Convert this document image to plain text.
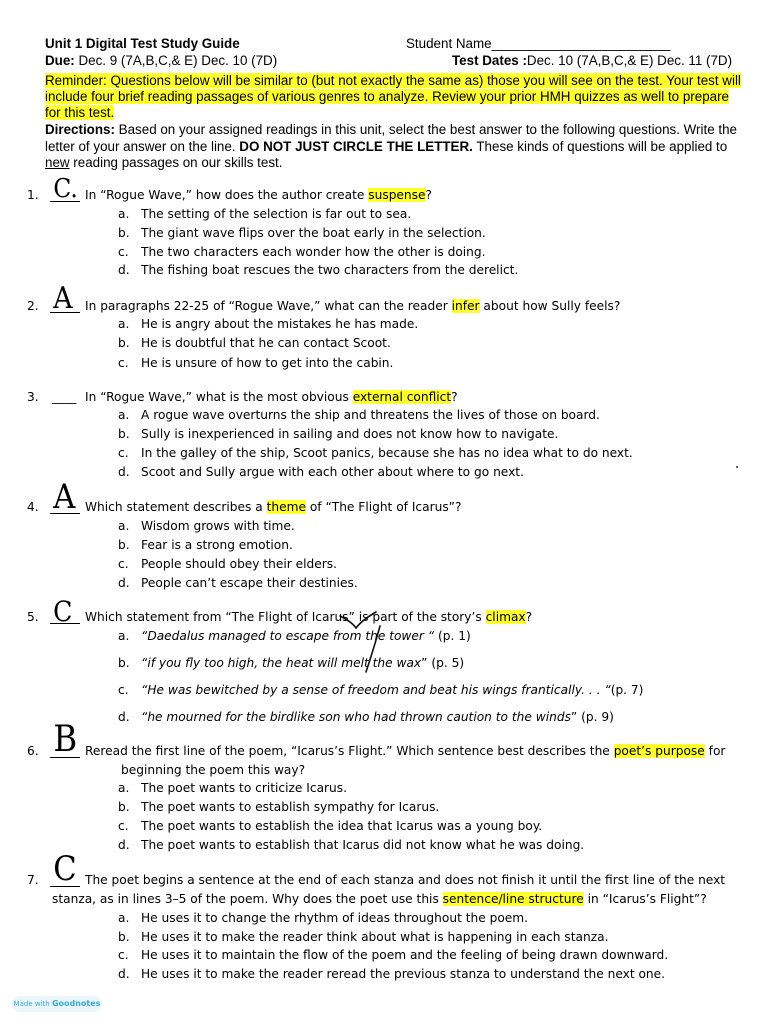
Unit 1 Digital Test Study Guide	Student Name________________________
Due: Dec. 9 (7A,B,C,& E) Dec. 10 (7D)	Test Dates :Dec. 10 (7A,B,C,& E) Dec. 11 (7D)
Reminder: Questions below will be similar to (but not exactly the same as) those you will see on the test. Your test will include four brief reading passages of various genres to analyze. Review your prior HMH quizzes as well to prepare for this test.
Directions: Based on your assigned readings in this unit, select the best answer to the following questions. Write the letter of your answer on the line. DO NOT JUST CIRCLE THE LETTER. These kinds of questions will be applied to new reading passages on our skills test.
1. C. In “Rogue Wave,” how does the author create suspense?
a. The setting of the selection is far out to sea.
b. The giant wave flips over the boat early in the selection.
c. The two characters each wonder how the other is doing.
d. The fishing boat rescues the two characters from the derelict.
2. A In paragraphs 22-25 of “Rogue Wave,” what can the reader infer about how Sully feels?
a. He is angry about the mistakes he has made.
b. He is doubtful that he can contact Scoot.
c. He is unsure of how to get into the cabin.
3. ____ In “Rogue Wave,” what is the most obvious external conflict?
a. A rogue wave overturns the ship and threatens the lives of those on board.
b. Sully is inexperienced in sailing and does not know how to navigate.
c. In the galley of the ship, Scoot panics, because she has no idea what to do next.
d. Scoot and Sully argue with each other about where to go next.
4. A Which statement describes a theme of “The Flight of Icarus”?
a. Wisdom grows with time.
b. Fear is a strong emotion.
c. People should obey their elders.
d. People can’t escape their destinies.
5. C Which statement from “The Flight of Icarus” is part of the story’s climax?
a. “Daedalus managed to escape from the tower “ (p. 1)
b. “if you fly too high, the heat will melt the wax” (p. 5)
c. “He was bewitched by a sense of freedom and beat his wings frantically. . . “(p. 7)
d. “he mourned for the birdlike son who had thrown caution to the winds” (p. 9)
6. B Reread the first line of the poem, “Icarus’s Flight.” Which sentence best describes the poet’s purpose for
beginning the poem this way?
a. The poet wants to criticize Icarus.
b. The poet wants to establish sympathy for Icarus.
c. The poet wants to establish the idea that Icarus was a young boy.
d. The poet wants to establish that Icarus did not know what he was doing.
7. C The poet begins a sentence at the end of each stanza and does not finish it until the first line of the next
stanza, as in lines 3–5 of the poem. Why does the poet use this sentence/line structure in “Icarus’s Flight”?
a. He uses it to change the rhythm of ideas throughout the poem.
b. He uses it to make the reader think about what is happening in each stanza.
c. He uses it to maintain the flow of the poem and the feeling of being drawn downward.
d. He uses it to make the reader reread the previous stanza to understand the next one.
Made with Goodnotes
